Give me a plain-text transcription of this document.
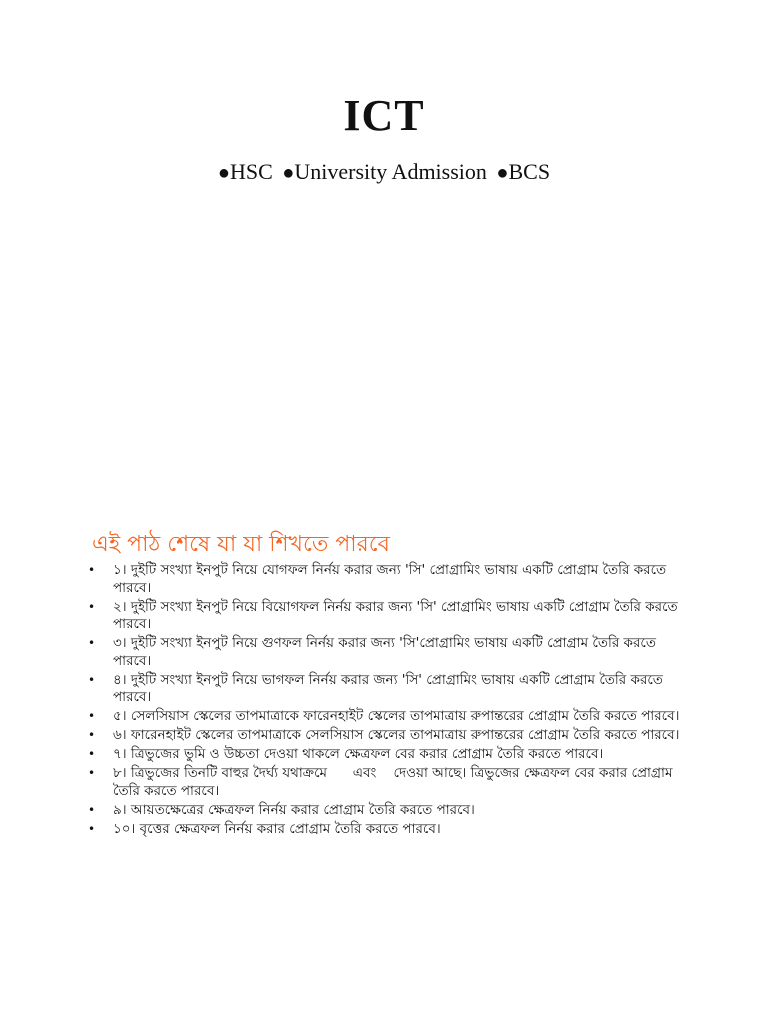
ICT

●HSC ●University Admission ●BCS

এই পাঠ শেষে যা যা শিখতে পারবে
• ১। দুইটি সংখ্যা ইনপুট নিয়ে যোগফল নির্নয় করার জন্য 'সি' প্রোগ্রামিং ভাষায় একটি প্রোগ্রাম তৈরি করতে পারবে।
• ২। দুইটি সংখ্যা ইনপুট নিয়ে বিয়োগফল নির্নয় করার জন্য 'সি' প্রোগ্রামিং ভাষায় একটি প্রোগ্রাম তৈরি করতে পারবে।
• ৩। দুইটি সংখ্যা ইনপুট নিয়ে গুণফল নির্নয় করার জন্য 'সি'প্রোগ্রামিং ভাষায় একটি প্রোগ্রাম তৈরি করতে পারবে।
• ৪। দুইটি সংখ্যা ইনপুট নিয়ে ভাগফল নির্নয় করার জন্য 'সি' প্রোগ্রামিং ভাষায় একটি প্রোগ্রাম তৈরি করতে পারবে।
• ৫। সেলসিয়াস স্কেলের তাপমাত্রাকে ফারেনহাইট স্কেলের তাপমাত্রায় রুপান্তরের প্রোগ্রাম তৈরি করতে পারবে।
• ৬। ফারেনহাইট স্কেলের তাপমাত্রাকে সেলসিয়াস স্কেলের তাপমাত্রায় রুপান্তরের প্রোগ্রাম তৈরি করতে পারবে।
• ৭। ত্রিভুজের ভুমি ও উচ্চতা দেওয়া থাকলে ক্ষেত্রফল বের করার প্রোগ্রাম তৈরি করতে পারবে।
• ৮। ত্রিভুজের তিনটি বাহুর দৈর্ঘ্য যথাক্রমে      এবং    দেওয়া আছে। ত্রিভুজের ক্ষেত্রফল বের করার প্রোগ্রাম তৈরি করতে পারবে।
• ৯। আয়তক্ষেত্রের ক্ষেত্রফল নির্নয় করার প্রোগ্রাম তৈরি করতে পারবে।
• ১০। বৃত্তের ক্ষেত্রফল নির্নয় করার প্রোগ্রাম তৈরি করতে পারবে।
